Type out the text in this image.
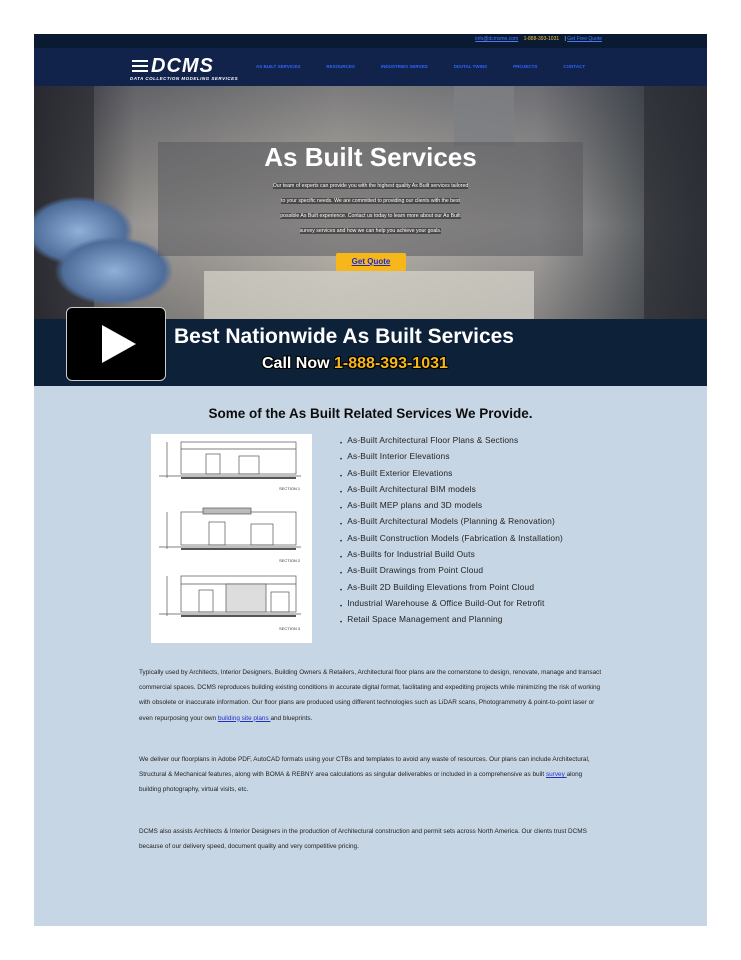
info@dcmsme.com 1-888-393-1031 | Get Free Quote
DCMS
DATA COLLECTION MODELING SERVICES
AS BUILT SERVICES	RESOURCES	INDUSTRIES SERVED	DIGITAL TWINS	PROJECTS	CONTACT
As Built Services
Our team of experts can provide you with the highest quality As Built services tailored
to your specific needs. We are committed to providing our clients with the best
possible As Built experience. Contact us today to learn more about our As Built
survey services and how we can help you achieve your goals.
Get Quote
Best Nationwide As Built Services
Call Now 1-888-393-1031
Some of the As Built Related Services We Provide.
SECTION 1
SECTION 2
SECTION 3
• As-Built Architectural Floor Plans & Sections
• As-Built Interior Elevations
• As-Built Exterior Elevations
• As-Built Architectural BIM models
• As-Built MEP plans and 3D models
• As-Built Architectural Models (Planning & Renovation)
• As-Built Construction Models (Fabrication & Installation)
• As-Builts for Industrial Build Outs
• As-Built Drawings from Point Cloud
• As-Built 2D Building Elevations from Point Cloud
• Industrial Warehouse & Office Build-Out for Retrofit
• Retail Space Management and Planning
Typically used by Architects, Interior Designers, Building Owners & Retailers, Architectural floor plans are the cornerstone to design, renovate, manage and transact commercial spaces. DCMS reproduces building existing conditions in accurate digital format, facilitating and expediting projects while minimizing the risk of working with obsolete or inaccurate information. Our floor plans are produced using different technologies such as LiDAR scans, Photogrammetry & point-to-point laser or even repurposing your own building site plans and blueprints.
We deliver our floorplans in Adobe PDF, AutoCAD formats using your CTBs and templates to avoid any waste of resources. Our plans can include Architectural, Structural & Mechanical features, along with BOMA & REBNY area calculations as singular deliverables or included in a comprehensive as built survey along building photography, virtual visits, etc.
DCMS also assists Architects & Interior Designers in the production of Architectural construction and permit sets across North America. Our clients trust DCMS because of our delivery speed, document quality and very competitive pricing.
